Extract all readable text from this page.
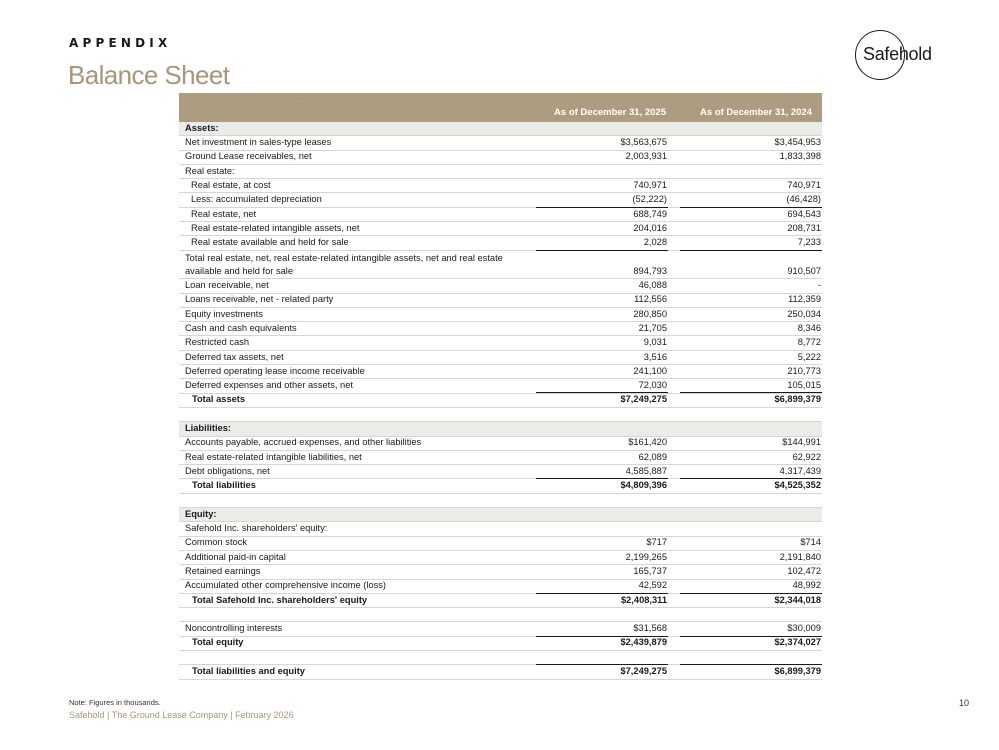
APPENDIX
Balance Sheet
Safehold
·
As of December 31, 2025	As of December 31, 2024
Assets:
Net investment in sales-type leases	$3,563,675	$3,454,953
Ground Lease receivables, net	2,003,931	1,833,398
Real estate:
Real estate, at cost	740,971	740,971
Less: accumulated depreciation	(52,222)	(46,428)
Real estate, net	688,749	694,543
Real estate-related intangible assets, net	204,016	208,731
Real estate available and held for sale	2,028	7,233
Total real estate, net, real estate-related intangible assets, net and real estate available and held for sale	894,793	910,507
Loan receivable, net	46,088	-
Loans receivable, net - related party	112,556	112,359
Equity investments	280,850	250,034
Cash and cash equivalents	21,705	8,346
Restricted cash	9,031	8,772
Deferred tax assets, net	3,516	5,222
Deferred operating lease income receivable	241,100	210,773
Deferred expenses and other assets, net	72,030	105,015
Total assets	$7,249,275	$6,899,379
Liabilities:
Accounts payable, accrued expenses, and other liabilities	$161,420	$144,991
Real estate-related intangible liabilities, net	62,089	62,922
Debt obligations, net	4,585,887	4,317,439
Total liabilities	$4,809,396	$4,525,352
Equity:
Safehold Inc. shareholders' equity:
Common stock	$717	$714
Additional paid-in capital	2,199,265	2,191,840
Retained earnings	165,737	102,472
Accumulated other comprehensive income (loss)	42,592	48,992
Total Safehold Inc. shareholders' equity	$2,408,311	$2,344,018
Noncontrolling interests	$31,568	$30,009
Total equity	$2,439,879	$2,374,027
Total liabilities and equity	$7,249,275	$6,899,379
Note: Figures in thousands.
Safehold | The Ground Lease Company | February 2026
10
